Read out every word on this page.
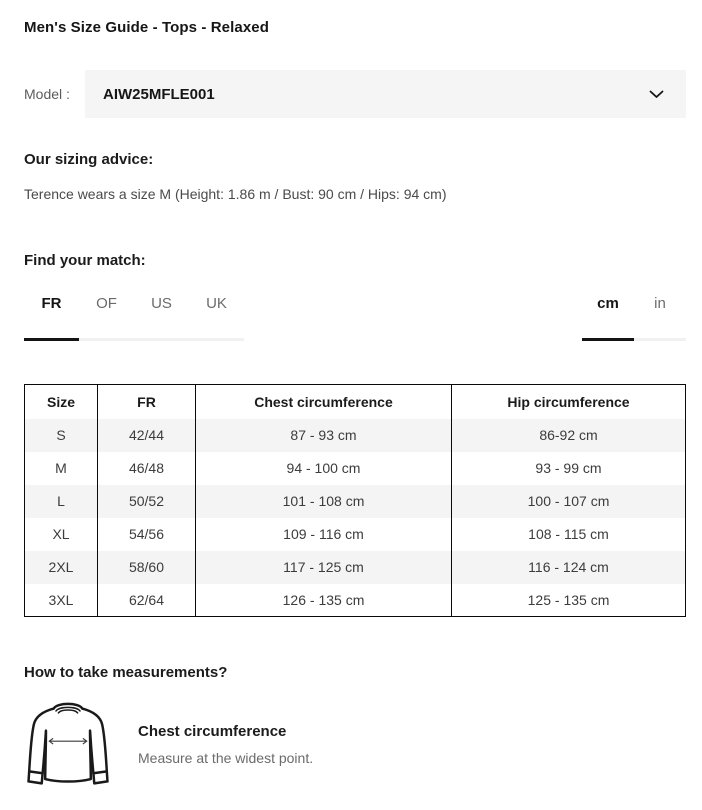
Men's Size Guide - Tops - Relaxed
Model :	AIW25MFLE001
Our sizing advice:

Terence wears a size M (Height: 1.86 m / Bust: 90 cm / Hips: 94 cm)

Find your match:
FR	OF	US	UK	cm	in
Size	FR	Chest circumference	Hip circumference
S	42/44	87 - 93 cm	86-92 cm
M	46/48	94 - 100 cm	93 - 99 cm
L	50/52	101 - 108 cm	100 - 107 cm
XL	54/56	109 - 116 cm	108 - 115 cm
2XL	58/60	117 - 125 cm	116 - 124 cm
3XL	62/64	126 - 135 cm	125 - 135 cm
How to take measurements?
Chest circumference
Measure at the widest point.
